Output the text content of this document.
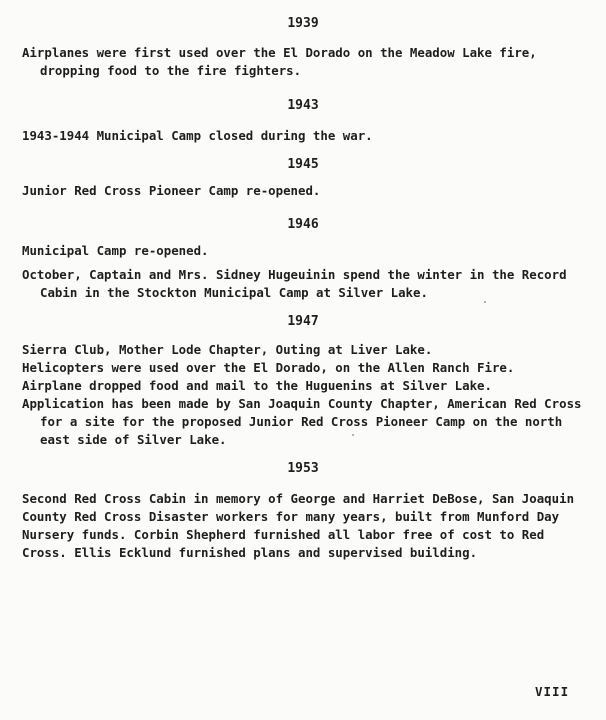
1939
Airplanes were first used over the El Dorado on the Meadow Lake fire,
dropping food to the fire fighters.
1943
1943-1944 Municipal Camp closed during the war.
1945
Junior Red Cross Pioneer Camp re-opened.
1946
Municipal Camp re-opened.
October, Captain and Mrs. Sidney Hugeuinin spend the winter in the Record
Cabin in the Stockton Municipal Camp at Silver Lake.
1947
Sierra Club, Mother Lode Chapter, Outing at Liver Lake.
Helicopters were used over the El Dorado, on the Allen Ranch Fire.
Airplane dropped food and mail to the Huguenins at Silver Lake.
Application has been made by San Joaquin County Chapter, American Red Cross
for a site for the proposed Junior Red Cross Pioneer Camp on the north
east side of Silver Lake.
1953
Second Red Cross Cabin in memory of George and Harriet DeBose, San Joaquin
County Red Cross Disaster workers for many years, built from Munford Day
Nursery funds. Corbin Shepherd furnished all labor free of cost to Red
Cross. Ellis Ecklund furnished plans and supervised building.
VIII
